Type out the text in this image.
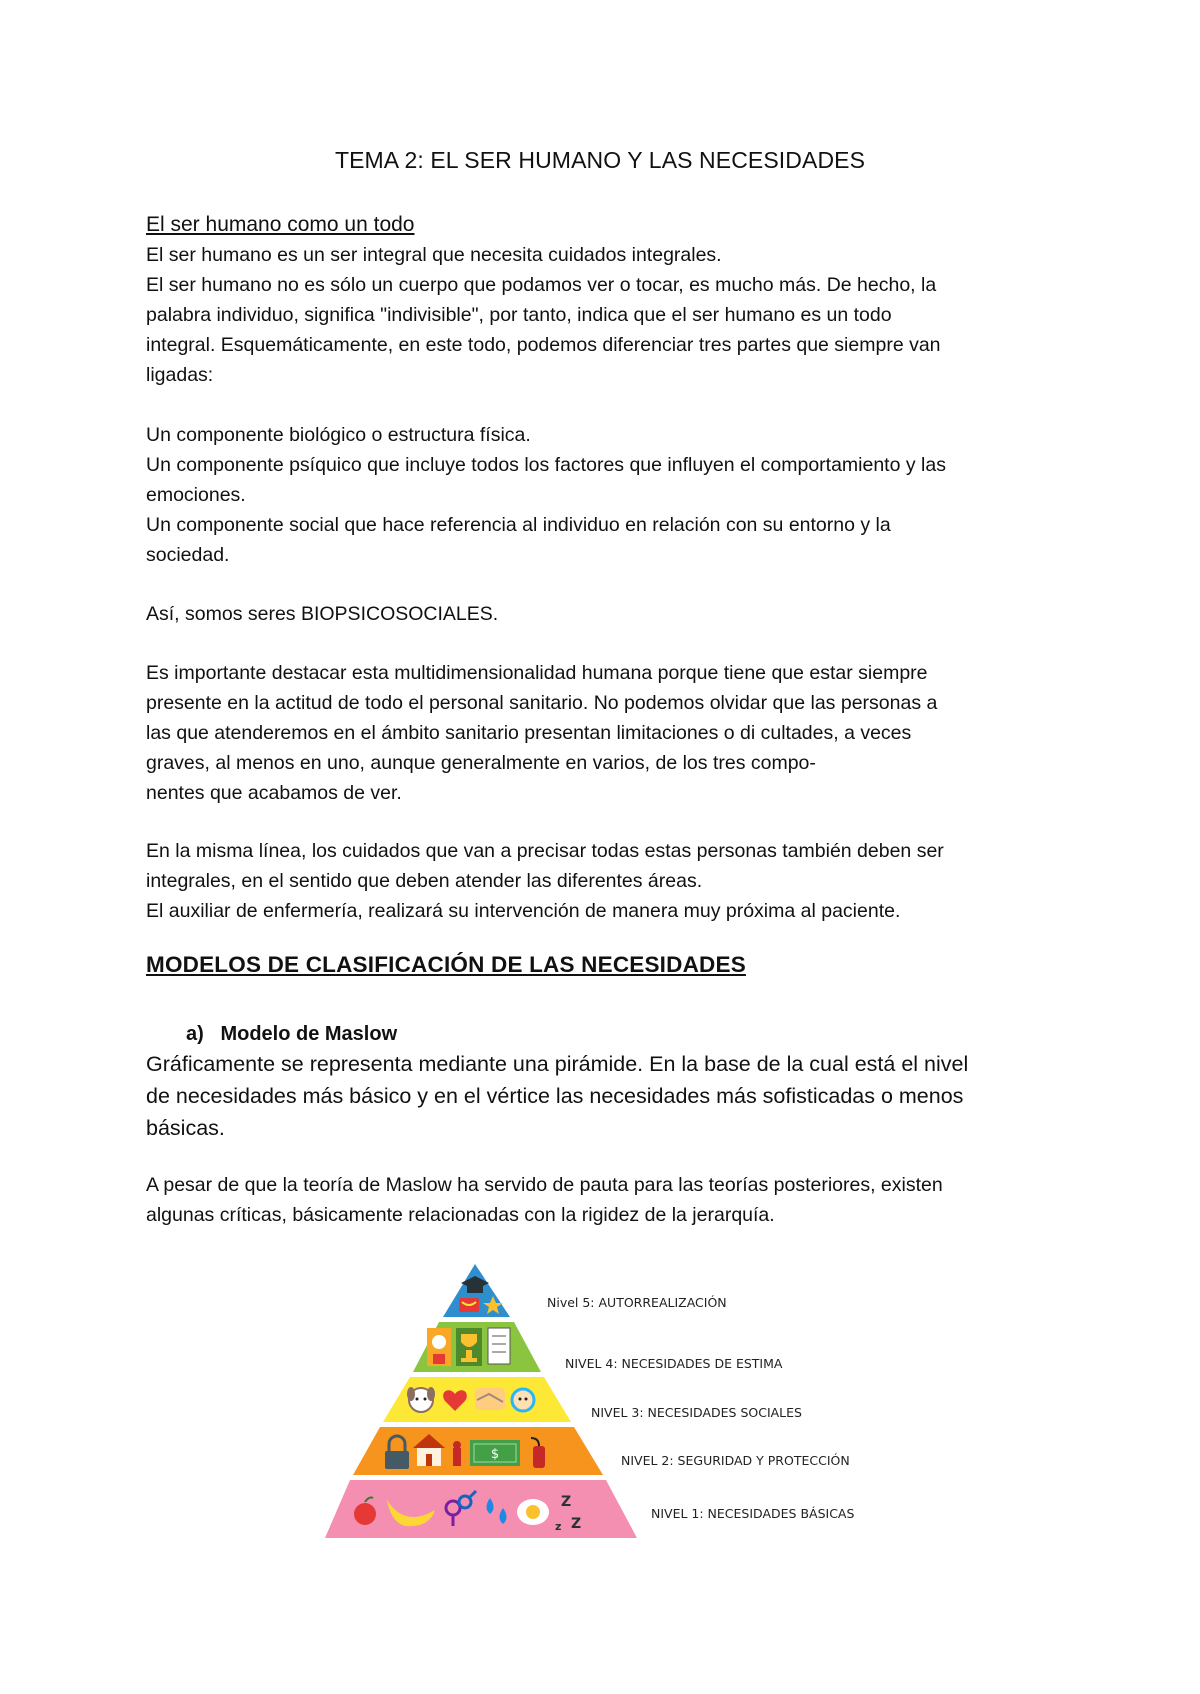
TEMA 2: EL SER HUMANO Y LAS NECESIDADES
El ser humano como un todo
El ser humano es un ser integral que necesita cuidados integrales.
El ser humano no es sólo un cuerpo que podamos ver o tocar, es mucho más. De hecho, la
palabra individuo, significa "indivisible", por tanto, indica que el ser humano es un todo
integral. Esquemáticamente, en este todo, podemos diferenciar tres partes que siempre van
ligadas:
Un componente biológico o estructura física.
Un componente psíquico que incluye todos los factores que influyen el comportamiento y las
emociones.
Un componente social que hace referencia al individuo en relación con su entorno y la
sociedad.
Así, somos seres BIOPSICOSOCIALES.
Es importante destacar esta multidimensionalidad humana porque tiene que estar siempre
presente en la actitud de todo el personal sanitario. No podemos olvidar que las personas a
las que atenderemos en el ámbito sanitario presentan limitaciones o di cultades, a veces
graves, al menos en uno, aunque generalmente en varios, de los tres compo-
nentes que acabamos de ver.
En la misma línea, los cuidados que van a precisar todas estas personas también deben ser
integrales, en el sentido que deben atender las diferentes áreas.
El auxiliar de enfermería, realizará su intervención de manera muy próxima al paciente.
MODELOS DE CLASIFICACIÓN DE LAS NECESIDADES
a)   Modelo de Maslow
Gráficamente se representa mediante una pirámide. En la base de la cual está el nivel
de necesidades más básico y en el vértice las necesidades más sofisticadas o menos
básicas.
A pesar de que la teoría de Maslow ha servido de pauta para las teorías posteriores, existen
algunas críticas, básicamente relacionadas con la rigidez de la jerarquía.
$
Z
z Z
Nivel 5: AUTORREALIZACIÓN
NIVEL 4: NECESIDADES DE ESTIMA
NIVEL 3: NECESIDADES SOCIALES
NIVEL 2: SEGURIDAD Y PROTECCIÓN
NIVEL 1: NECESIDADES BÁSICAS
